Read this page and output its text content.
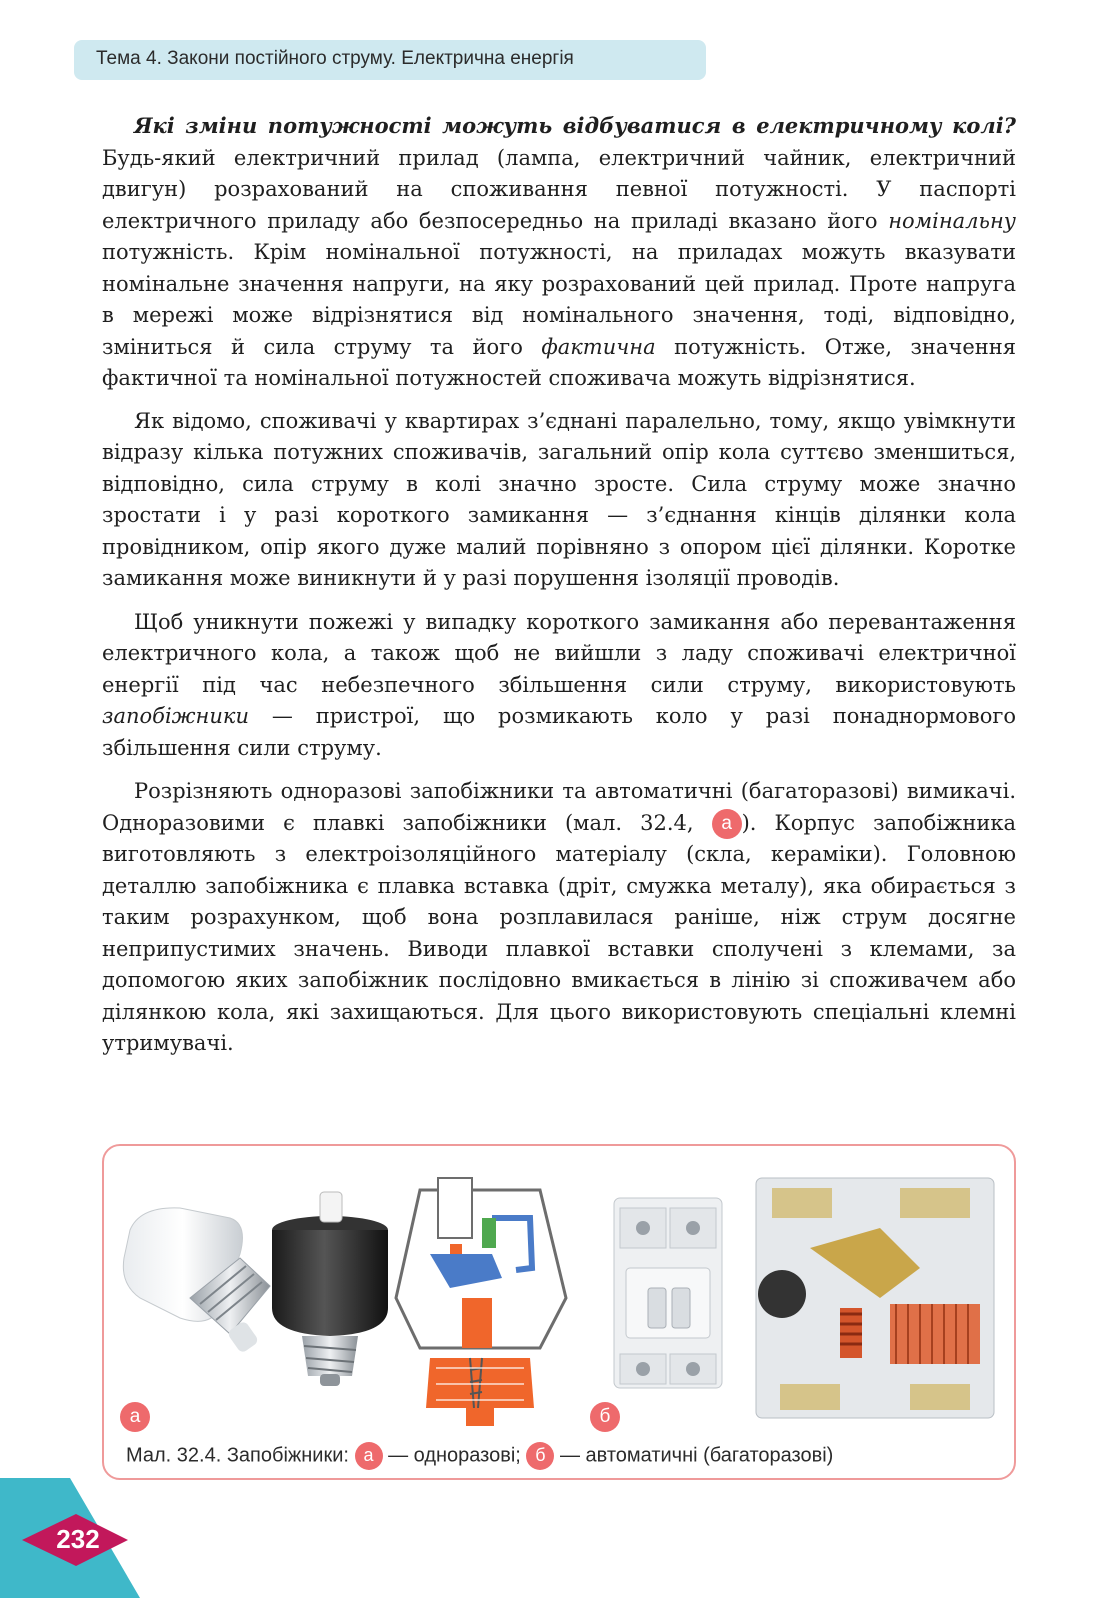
Тема 4. Закони постійного струму. Електрична енергія

Які зміни потужності можуть відбуватися в електричному колі? Будь-який електричний прилад (лампа, електричний чайник, електричний двигун) розрахований на споживання певної потужності. У паспорті електричного приладу або безпосередньо на приладі вказано його номінальну потужність. Крім номінальної потужності, на приладах можуть вказувати номінальне значення напруги, на яку розрахований цей прилад. Проте напруга в мережі може відрізнятися від номінального значення, тоді, відповідно, зміниться й сила струму та його фактична потужність. Отже, значення фактичної та номінальної потужностей споживача можуть відрізнятися.

Як відомо, споживачі у квартирах з’єднані паралельно, тому, якщо увімкнути відразу кілька потужних споживачів, загальний опір кола суттєво зменшиться, відповідно, сила струму в колі значно зросте. Сила струму може значно зростати і у разі короткого замикання — з’єднання кінців ділянки кола провідником, опір якого дуже малий порівняно з опором цієї ділянки. Коротке замикання може виникнути й у разі порушення ізоляції проводів.

Щоб уникнути пожежі у випадку короткого замикання або перевантаження електричного кола, а також щоб не вийшли з ладу споживачі електричної енергії під час небезпечного збільшення сили струму, використовують запобіжники — пристрої, що розмикають коло у разі понаднормового збільшення сили струму.

Розрізняють одноразові запобіжники та автоматичні (багаторазові) вимикачі. Одноразовими є плавкі запобіжники (мал. 32.4, а ). Корпус запобіжника виготовляють з електроізоляційного матеріалу (скла, кераміки). Головною деталлю запобіжника є плавка вставка (дріт, смужка металу), яка обирається з таким розрахунком, щоб вона розплавилася раніше, ніж струм досягне неприпустимих значень. Виводи плавкої вставки сполучені з клемами, за допомогою яких запобіжник послідовно вмикається в лінію зі споживачем або ділянкою кола, які захищаються. Для цього використовують спеціальні клемні утримувачі.

а	б
Мал. 32.4. Запобіжники: а — одноразові; б — автоматичні (багаторазові)
232
